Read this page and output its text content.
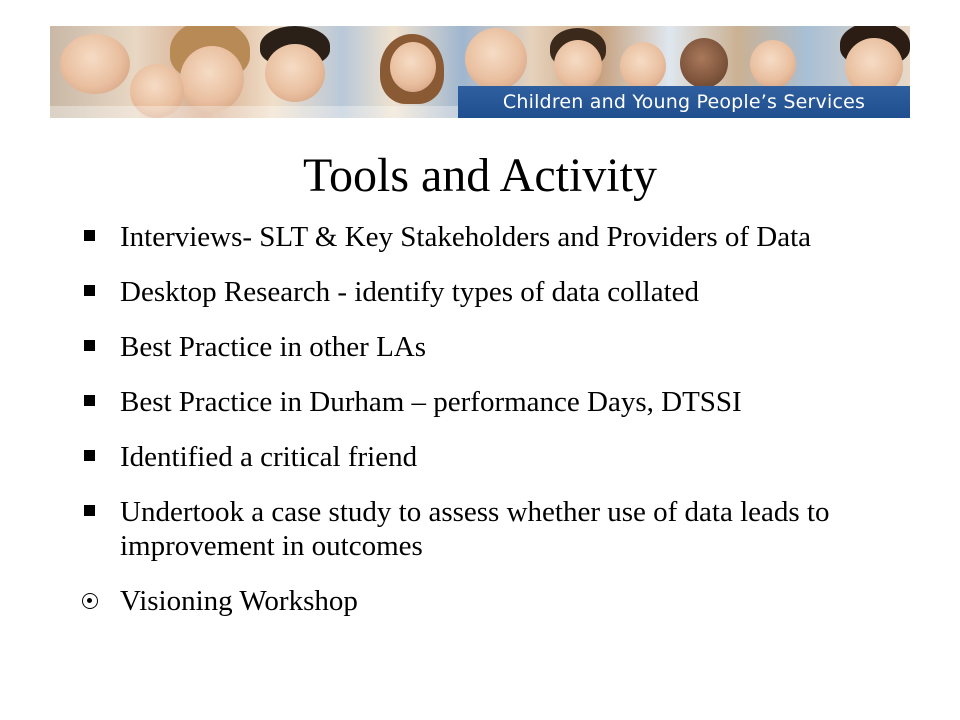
Children and Young People’s Services
Tools and Activity
Interviews- SLT & Key Stakeholders and Providers of Data
Desktop Research - identify types of data collated
Best Practice in other LAs
Best Practice in Durham – performance Days, DTSSI
Identified a critical friend
Undertook a case study to assess whether use of data leads to improvement in outcomes
•
Visioning Workshop
